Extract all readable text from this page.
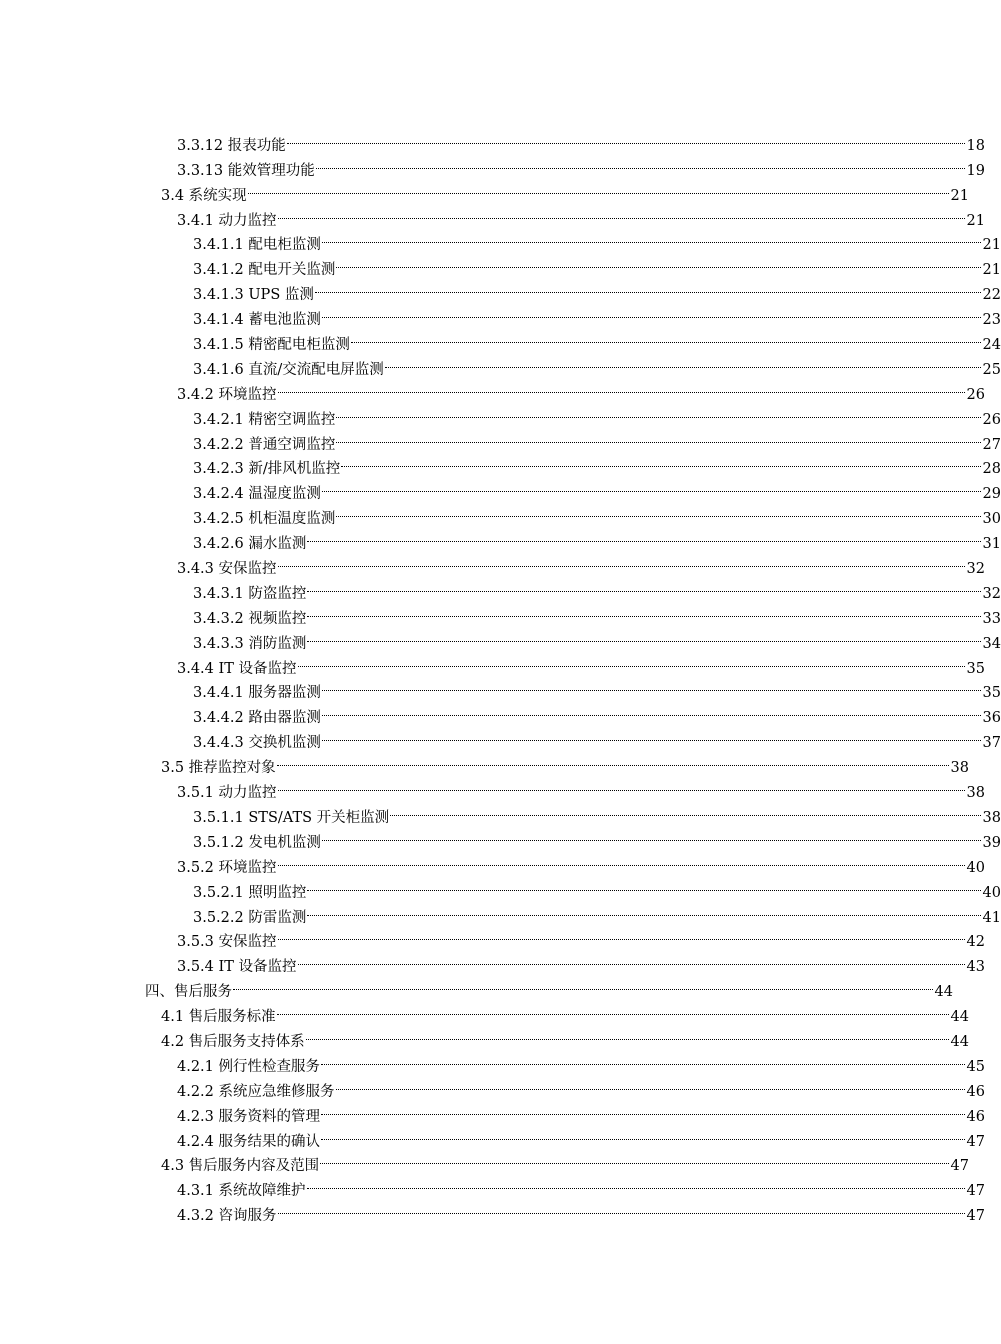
3.3.12 报表功能	18
3.3.13 能效管理功能	19
3.4 系统实现	21
3.4.1 动力监控	21
3.4.1.1 配电柜监测	21
3.4.1.2 配电开关监测	21
3.4.1.3 UPS 监测	22
3.4.1.4 蓄电池监测	23
3.4.1.5 精密配电柜监测	24
3.4.1.6 直流/交流配电屏监测	25
3.4.2 环境监控	26
3.4.2.1 精密空调监控	26
3.4.2.2 普通空调监控	27
3.4.2.3 新/排风机监控	28
3.4.2.4 温湿度监测	29
3.4.2.5 机柜温度监测	30
3.4.2.6 漏水监测	31
3.4.3 安保监控	32
3.4.3.1 防盗监控	32
3.4.3.2 视频监控	33
3.4.3.3 消防监测	34
3.4.4 IT 设备监控	35
3.4.4.1 服务器监测	35
3.4.4.2 路由器监测	36
3.4.4.3 交换机监测	37
3.5 推荐监控对象	38
3.5.1 动力监控	38
3.5.1.1 STS/ATS 开关柜监测	38
3.5.1.2 发电机监测	39
3.5.2 环境监控	40
3.5.2.1 照明监控	40
3.5.2.2 防雷监测	41
3.5.3 安保监控	42
3.5.4 IT 设备监控	43
四、售后服务	44
4.1 售后服务标准	44
4.2 售后服务支持体系	44
4.2.1 例行性检查服务	45
4.2.2 系统应急维修服务	46
4.2.3 服务资料的管理	46
4.2.4 服务结果的确认	47
4.3 售后服务内容及范围	47
4.3.1 系统故障维护	47
4.3.2 咨询服务	47
